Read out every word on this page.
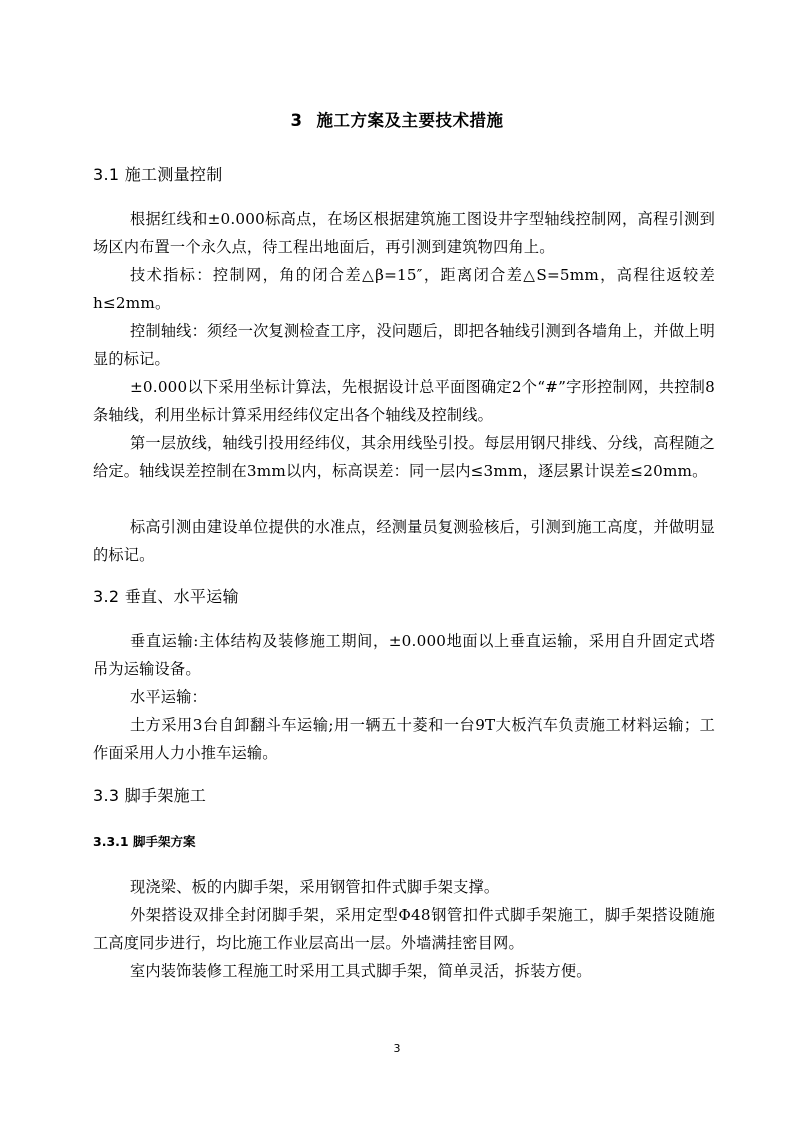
3 施工方案及主要技术措施
3.1 施工测量控制
根据红线和±0.000标高点，在场区根据建筑施工图设井字型轴线控制网，高程引测到场区内布置一个永久点，待工程出地面后，再引测到建筑物四角上。
技术指标：控制网，角的闭合差△β=15″，距离闭合差△S=5mm，高程往返较差h≤2mm。
控制轴线：须经一次复测检查工序，没问题后，即把各轴线引测到各墙角上，并做上明显的标记。
±0.000以下采用坐标计算法，先根据设计总平面图确定2个“#”字形控制网，共控制8条轴线，利用坐标计算采用经纬仪定出各个轴线及控制线。
第一层放线，轴线引投用经纬仪，其余用线坠引投。每层用钢尺排线、分线，高程随之给定。轴线误差控制在3mm以内，标高误差：同一层内≤3mm，逐层累计误差≤20mm。
标高引测由建设单位提供的水准点，经测量员复测验核后，引测到施工高度，并做明显的标记。
3.2 垂直、水平运输
垂直运输:主体结构及装修施工期间，±0.000地面以上垂直运输，采用自升固定式塔吊为运输设备。
水平运输：
土方采用3台自卸翻斗车运输;用一辆五十菱和一台9T大板汽车负责施工材料运输；工作面采用人力小推车运输。
3.3 脚手架施工
3.3.1 脚手架方案
现浇梁、板的内脚手架，采用钢管扣件式脚手架支撑。
外架搭设双排全封闭脚手架，采用定型Φ48钢管扣件式脚手架施工，脚手架搭设随施工高度同步进行，均比施工作业层高出一层。外墙满挂密目网。
室内装饰装修工程施工时采用工具式脚手架，简单灵活，拆装方便。
3
